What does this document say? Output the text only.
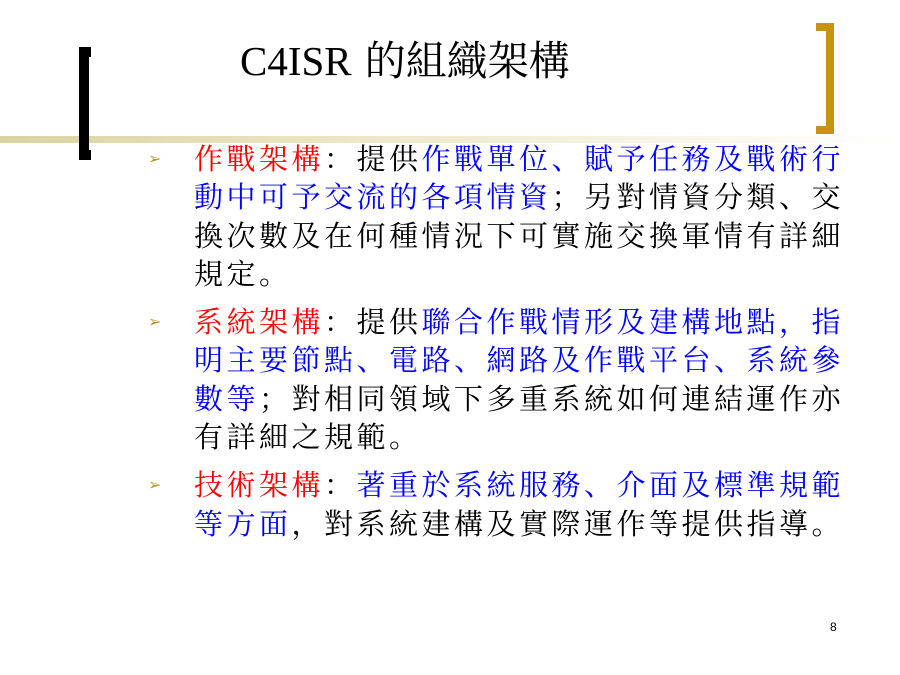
C4ISR 的組織架構
➢ 作戰架構：提供作戰單位、賦予任務及戰術行動中可予交流的各項情資；另對情資分類、交換次數及在何種情況下可實施交換軍情有詳細規定。
➢ 系統架構：提供聯合作戰情形及建構地點，指明主要節點、電路、網路及作戰平台、系統參數等；對相同領域下多重系統如何連結運作亦有詳細之規範。
➢ 技術架構：著重於系統服務、介面及標準規範等方面，對系統建構及實際運作等提供指導。
8
